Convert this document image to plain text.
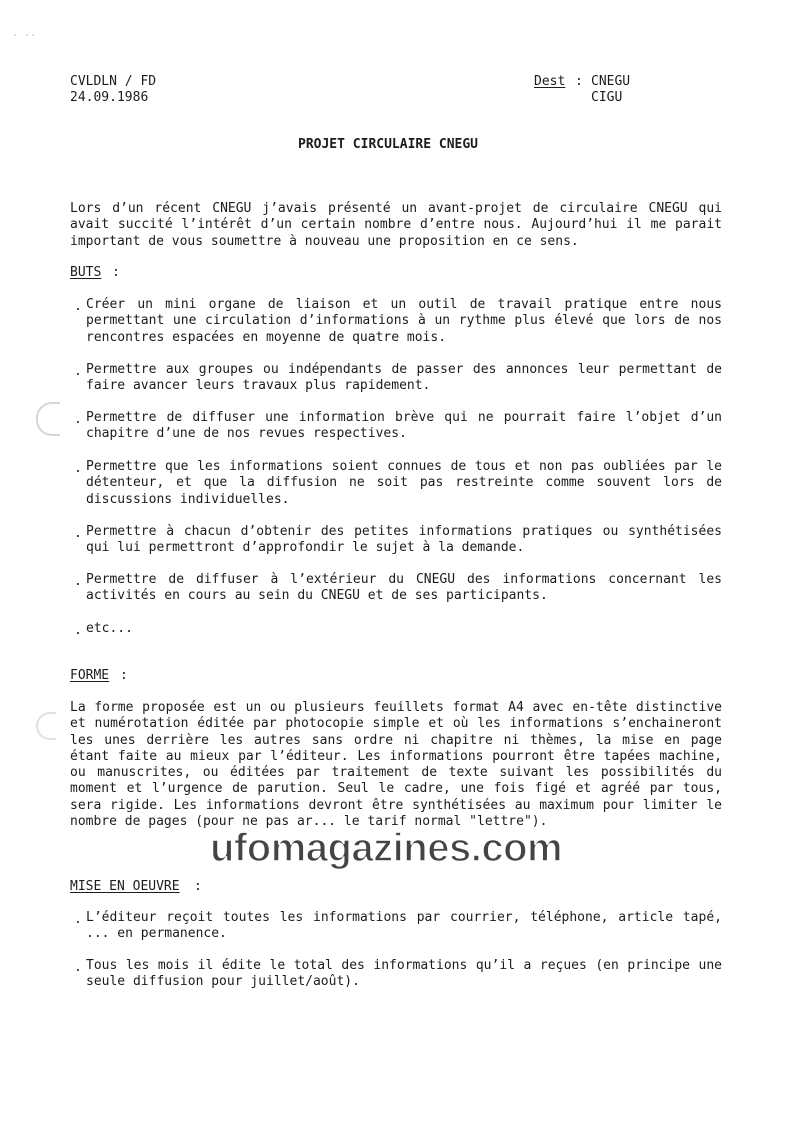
. ..
CVLDLN / FD
24.09.1986
Dest : CNEGU
CIGU
PROJET CIRCULAIRE CNEGU
Lors d’un récent CNEGU j’avais présenté un avant-projet de circulaire CNEGU qui avait succité l’intérêt d’un certain nombre d’entre nous. Aujourd’hui il me parait important de vous soumettre à nouveau une proposition en ce sens.
BUTS :
. Créer un mini organe de liaison et un outil de travail pratique entre nous permettant une circulation d’informations à un rythme plus élevé que lors de nos rencontres espacées en moyenne de quatre mois.
. Permettre aux groupes ou indépendants de passer des annonces leur permettant de faire avancer leurs travaux plus rapidement.
. Permettre de diffuser une information brève qui ne pourrait faire l’objet d’un chapitre d’une de nos revues respectives.
. Permettre que les informations soient connues de tous et non pas oubliées par le détenteur, et que la diffusion ne soit pas restreinte comme souvent lors de discussions individuelles.
. Permettre à chacun d’obtenir des petites informations pratiques ou synthétisées qui lui permettront d’approfondir le sujet à la demande.
. Permettre de diffuser à l’extérieur du CNEGU des informations concernant les activités en cours au sein du CNEGU et de ses participants.
. etc...
FORME :
La forme proposée est un ou plusieurs feuillets format A4 avec en-tête distinctive et numérotation éditée par photocopie simple et où les informations s’enchaineront les unes derrière les autres sans ordre ni chapitre ni thèmes, la mise en page étant faite au mieux par l’éditeur. Les informations pourront être tapées machine, ou manuscrites, ou éditées par traitement de texte suivant les possibilités du moment et l’urgence de parution. Seul le cadre, une fois figé et agréé par tous, sera rigide. Les informations devront être synthétisées au maximum pour limiter le nombre de pages (pour ne pas ar... le tarif normal "lettre").
MISE EN OEUVRE :
. L’éditeur reçoit toutes les informations par courrier, téléphone, article tapé, ... en permanence.
. Tous les mois il édite le total des informations qu’il a reçues (en principe une seule diffusion pour juillet/août).
ufomagazines.com
